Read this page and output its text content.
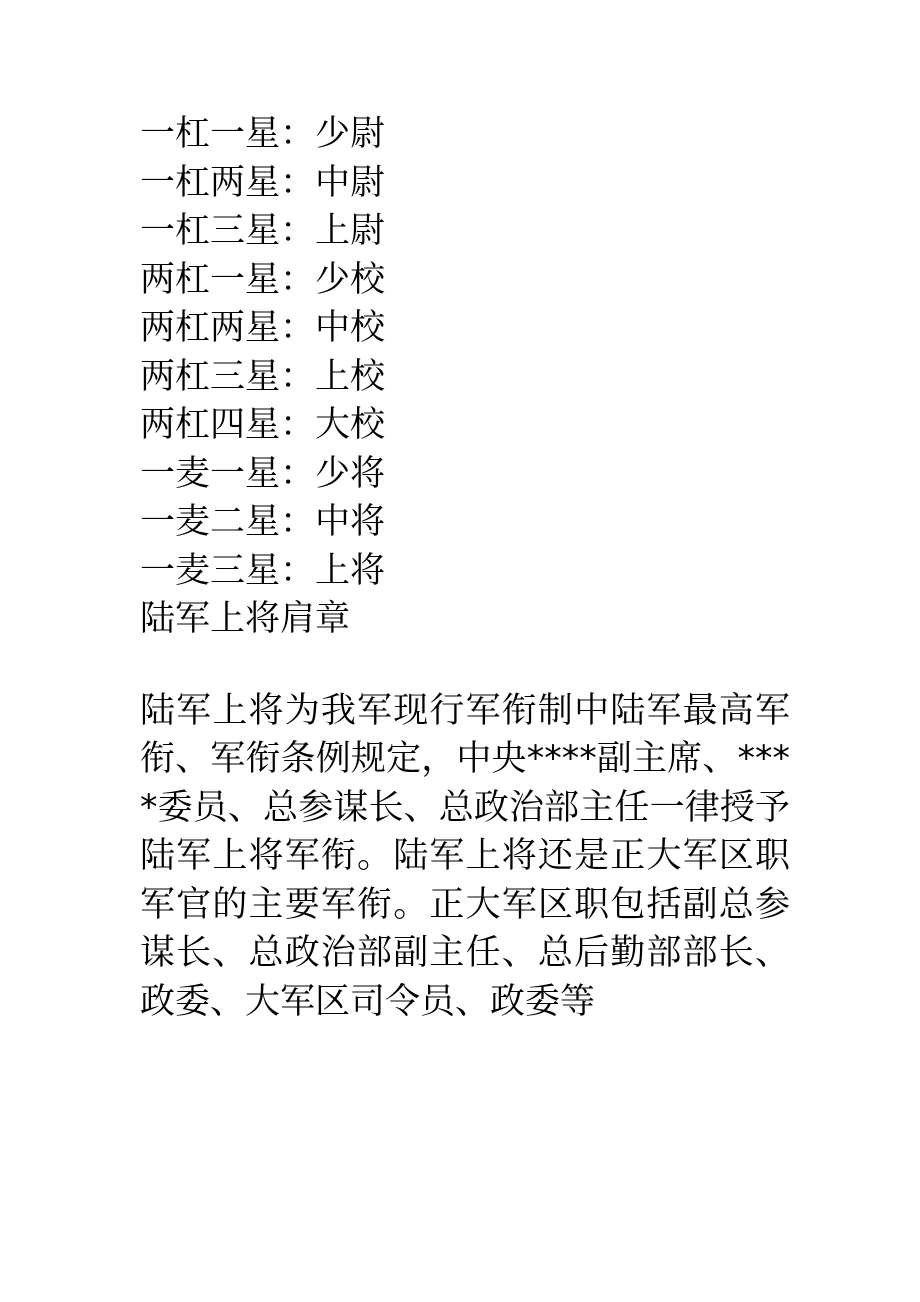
一杠一星：少尉
一杠两星：中尉
一杠三星：上尉
两杠一星：少校
两杠两星：中校
两杠三星：上校
两杠四星：大校
一麦一星：少将
一麦二星：中将
一麦三星：上将
陆军上将肩章

陆军上将为我军现行军衔制中陆军最高军衔、军衔条例规定，中央****副主席、****委员、总参谋长、总政治部主任一律授予陆军上将军衔。陆军上将还是正大军区职军官的主要军衔。正大军区职包括副总参谋长、总政治部副主任、总后勤部部长、政委、大军区司令员、政委等
